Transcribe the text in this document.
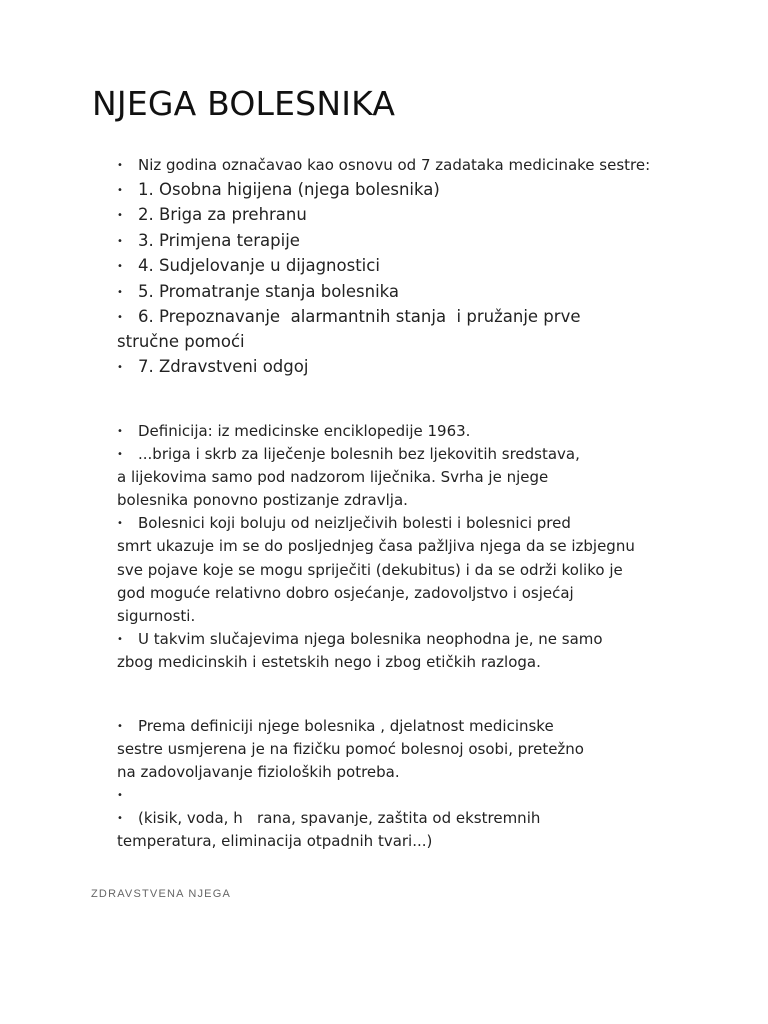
NJEGA BOLESNIKA
• Niz godina označavao kao osnovu od 7 zadataka medicinake sestre:
• 1. Osobna higijena (njega bolesnika)
• 2. Briga za prehranu
• 3. Primjena terapije
• 4. Sudjelovanje u dijagnostici
• 5. Promatranje stanja bolesnika
• 6. Prepoznavanje  alarmantnih stanja  i pružanje prve
stručne pomoći
• 7. Zdravstveni odgoj
• Definicija: iz medicinske enciklopedije 1963.
• ...briga i skrb za liječenje bolesnih bez ljekovitih sredstava,
a lijekovima samo pod nadzorom liječnika. Svrha je njege
bolesnika ponovno postizanje zdravlja.
• Bolesnici koji boluju od neizlječivih bolesti i bolesnici pred
smrt ukazuje im se do posljednjeg časa pažljiva njega da se izbjegnu
sve pojave koje se mogu spriječiti (dekubitus) i da se održi koliko je
god moguće relativno dobro osjećanje, zadovoljstvo i osjećaj
sigurnosti.
• U takvim slučajevima njega bolesnika neophodna je, ne samo
zbog medicinskih i estetskih nego i zbog etičkih razloga.
• Prema definiciji njege bolesnika , djelatnost medicinske
sestre usmjerena je na fizičku pomoć bolesnoj osobi, pretežno
na zadovoljavanje fizioloških potreba.
•
• (kisik, voda, h   rana, spavanje, zaštita od ekstremnih
temperatura, eliminacija otpadnih tvari...)

ZDRAVSTVENA NJEGA
